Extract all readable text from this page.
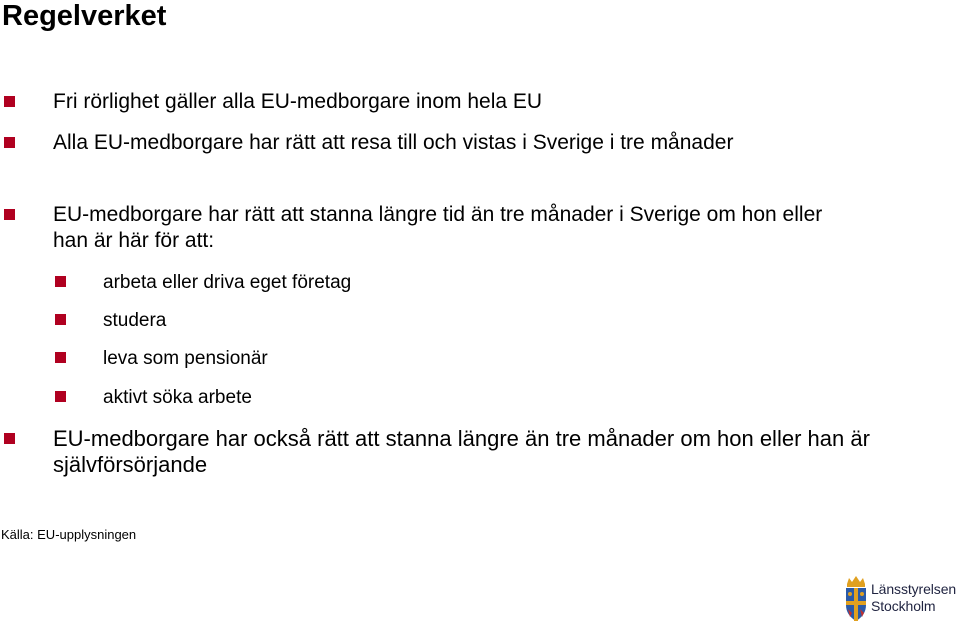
Regelverket
Fri rörlighet gäller alla EU-medborgare inom hela EU
Alla EU-medborgare har rätt att resa till och vistas i Sverige i tre månader
EU-medborgare har rätt att stanna längre tid än tre månader i Sverige om hon eller han är här för att:
arbeta eller driva eget företag
studera
leva som pensionär
aktivt söka arbete
EU-medborgare har också rätt att stanna längre än tre månader om hon eller han är självförsörjande
Källa: EU-upplysningen
Länsstyrelsen
Stockholm
